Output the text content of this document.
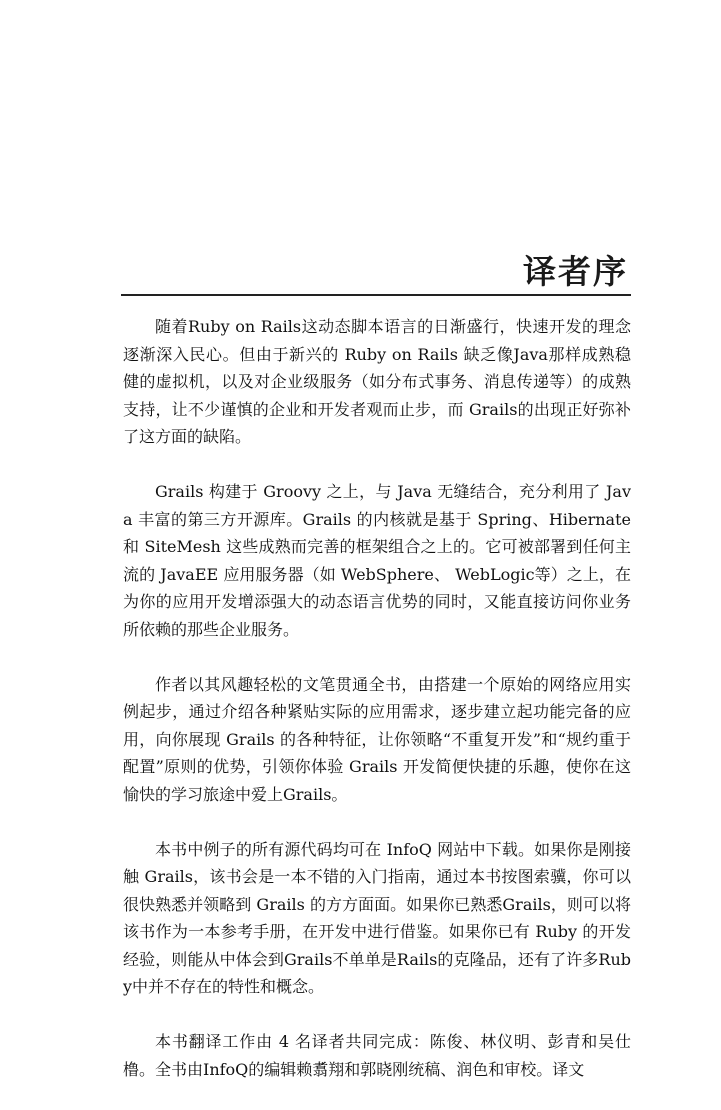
译者序

随着Ruby on Rails这动态脚本语言的日渐盛行，快速开发的理念逐渐深入民心。但由于新兴的 Ruby on Rails 缺乏像Java那样成熟稳健的虚拟机，以及对企业级服务（如分布式事务、消息传递等）的成熟支持，让不少谨慎的企业和开发者观而止步，而 Grails的出现正好弥补了这方面的缺陷。

Grails 构建于 Groovy 之上，与 Java 无缝结合，充分利用了 Java 丰富的第三方开源库。Grails 的内核就是基于 Spring、Hibernate 和 SiteMesh 这些成熟而完善的框架组合之上的。它可被部署到任何主流的 JavaEE 应用服务器（如 WebSphere、 WebLogic等）之上，在为你的应用开发增添强大的动态语言优势的同时，又能直接访问你业务所依赖的那些企业服务。

作者以其风趣轻松的文笔贯通全书，由搭建一个原始的网络应用实例起步，通过介绍各种紧贴实际的应用需求，逐步建立起功能完备的应用，向你展现 Grails 的各种特征，让你领略“不重复开发”和“规约重于配置”原则的优势，引领你体验 Grails 开发简便快捷的乐趣，使你在这愉快的学习旅途中爱上Grails。

本书中例子的所有源代码均可在 InfoQ 网站中下载。如果你是刚接触 Grails，该书会是一本不错的入门指南，通过本书按图索骥，你可以很快熟悉并领略到 Grails 的方方面面。如果你已熟悉Grails，则可以将该书作为一本参考手册，在开发中进行借鉴。如果你已有 Ruby 的开发经验，则能从中体会到Grails不单单是Rails的克隆品，还有了许多Ruby中并不存在的特性和概念。

本书翻译工作由 4 名译者共同完成：陈俊、林仪明、彭青和吴仕橹。全书由InfoQ的编辑赖翥翔和郭晓刚统稿、润色和审校。译文
